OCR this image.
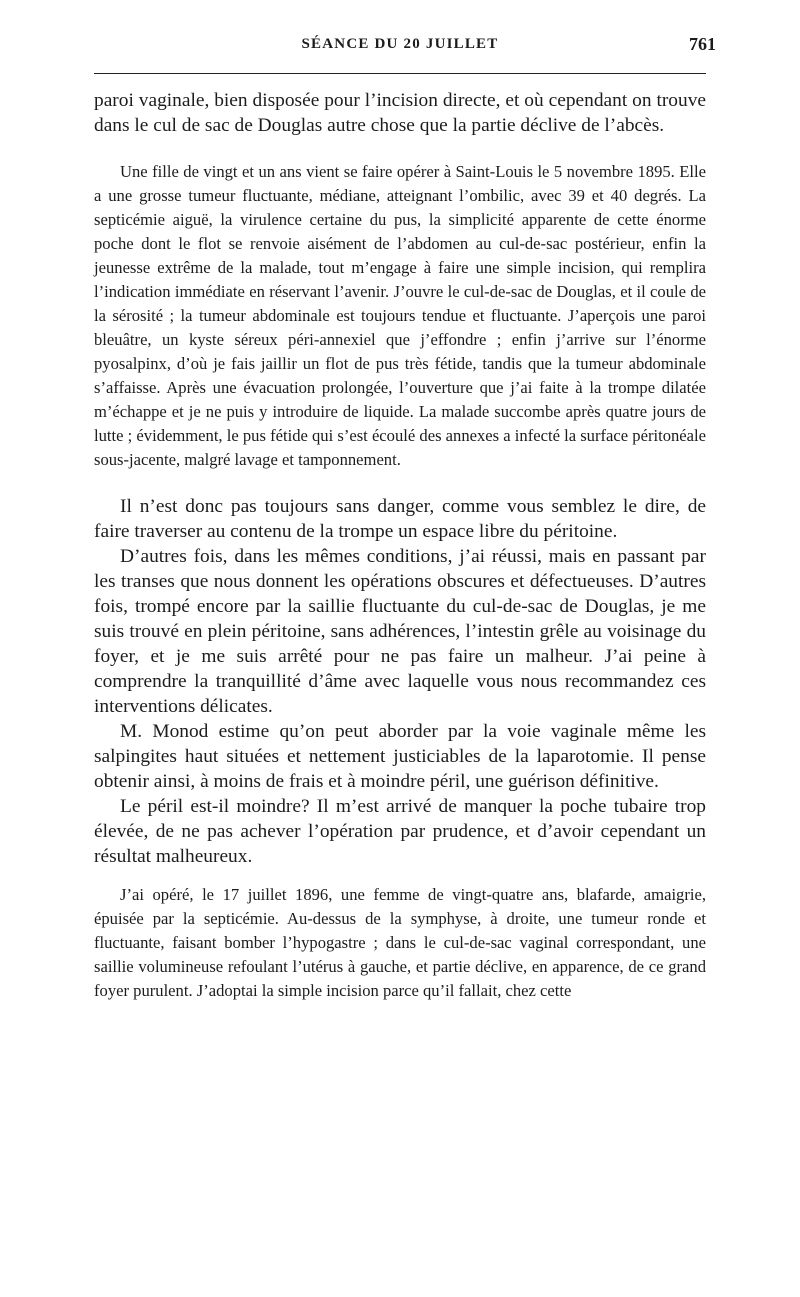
SÉANCE DU 20 JUILLET	761

paroi vaginale, bien disposée pour l’incision directe, et où cependant on trouve dans le cul de sac de Douglas autre chose que la partie déclive de l’abcès.

Une fille de vingt et un ans vient se faire opérer à Saint-Louis le 5 novembre 1895. Elle a une grosse tumeur fluctuante, médiane, atteignant l’ombilic, avec 39 et 40 degrés. La septicémie aiguë, la virulence certaine du pus, la simplicité apparente de cette énorme poche dont le flot se renvoie aisément de l’abdomen au cul-de-sac postérieur, enfin la jeunesse extrême de la malade, tout m’engage à faire une simple incision, qui remplira l’indication immédiate en réservant l’avenir. J’ouvre le cul-de-sac de Douglas, et il coule de la sérosité ; la tumeur abdominale est toujours tendue et fluctuante. J’aperçois une paroi bleuâtre, un kyste séreux péri-annexiel que j’effondre ; enfin j’arrive sur l’énorme pyosalpinx, d’où je fais jaillir un flot de pus très fétide, tandis que la tumeur abdominale s’affaisse. Après une évacuation prolongée, l’ouverture que j’ai faite à la trompe dilatée m’échappe et je ne puis y introduire de liquide. La malade succombe après quatre jours de lutte ; évidemment, le pus fétide qui s’est écoulé des annexes a infecté la surface péritonéale sous-jacente, malgré lavage et tamponnement.

Il n’est donc pas toujours sans danger, comme vous semblez le dire, de faire traverser au contenu de la trompe un espace libre du péritoine.

D’autres fois, dans les mêmes conditions, j’ai réussi, mais en passant par les transes que nous donnent les opérations obscures et défectueuses. D’autres fois, trompé encore par la saillie fluctuante du cul-de-sac de Douglas, je me suis trouvé en plein péritoine, sans adhérences, l’intestin grêle au voisinage du foyer, et je me suis arrêté pour ne pas faire un malheur. J’ai peine à comprendre la tranquillité d’âme avec laquelle vous nous recommandez ces interventions délicates.

M. Monod estime qu’on peut aborder par la voie vaginale même les salpingites haut situées et nettement justiciables de la laparotomie. Il pense obtenir ainsi, à moins de frais et à moindre péril, une guérison définitive.

Le péril est-il moindre? Il m’est arrivé de manquer la poche tubaire trop élevée, de ne pas achever l’opération par prudence, et d’avoir cependant un résultat malheureux.

J’ai opéré, le 17 juillet 1896, une femme de vingt-quatre ans, blafarde, amaigrie, épuisée par la septicémie. Au-dessus de la symphyse, à droite, une tumeur ronde et fluctuante, faisant bomber l’hypogastre ; dans le cul-de-sac vaginal correspondant, une saillie volumineuse refoulant l’utérus à gauche, et partie déclive, en apparence, de ce grand foyer purulent. J’adoptai la simple incision parce qu’il fallait, chez cette
